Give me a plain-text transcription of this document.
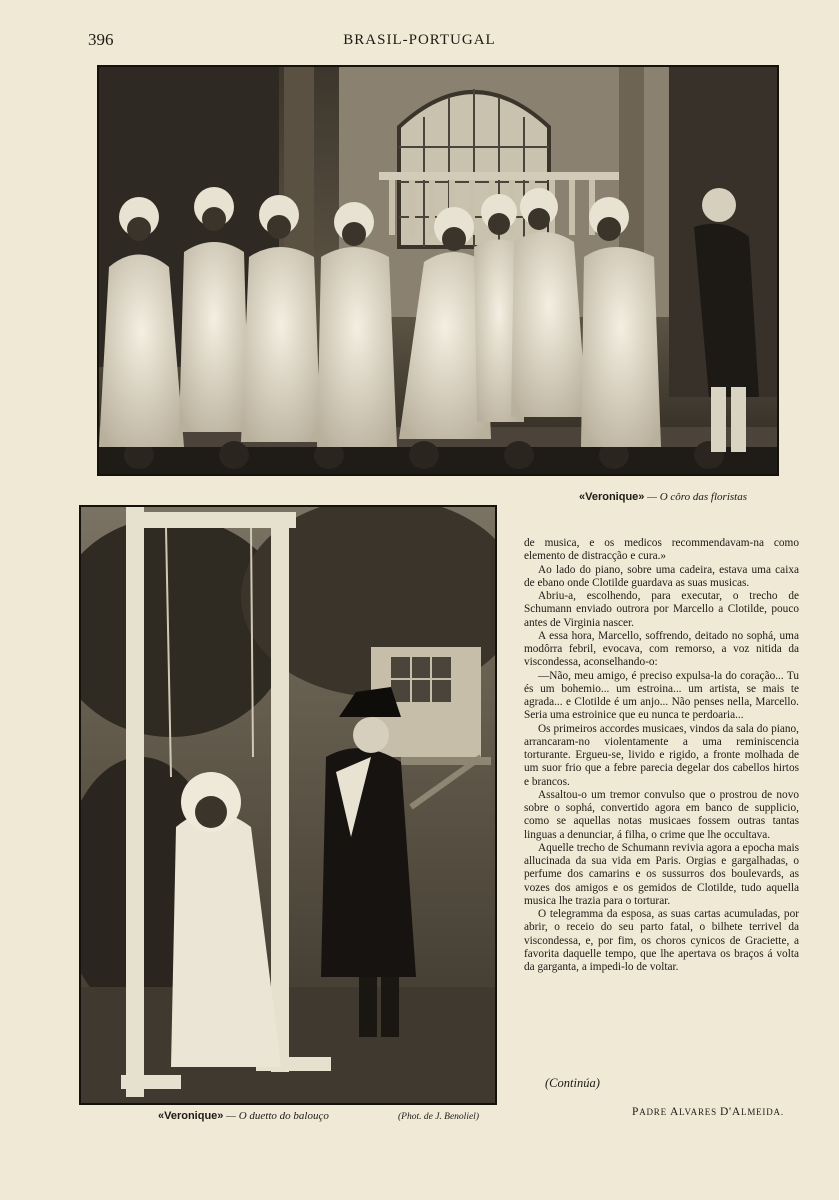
396	BRASIL-PORTUGAL
«Veronique» — O côro das floristas
«Veronique» — O duetto do balouço	(Phot. de J. Benoliel)

de musica, e os medicos recommendavam-na como elemento de distracção e cura.»

Ao lado do piano, sobre uma cadeira, estava uma caixa de ebano onde Clotilde guardava as suas musicas.

Abriu-a, escolhendo, para executar, o trecho de Schumann enviado outrora por Marcello a Clotilde, pouco antes de Virginia nascer.

A essa hora, Marcello, soffrendo, deitado no sophá, uma modôrra febril, evocava, com remorso, a voz nitida da viscondessa, aconselhando-o:

—Não, meu amigo, é preciso expulsa-la do coração... Tu és um bohemio... um estroina... um artista, se mais te agrada... e Clotilde é um anjo... Não penses nella, Marcello. Seria uma estroinice que eu nunca te perdoaria...

Os primeiros accordes musicaes, vindos da sala do piano, arrancaram-no violentamente a uma reminiscencia torturante. Ergueu-se, livido e rigido, a fronte molhada de um suor frio que a febre parecia degelar dos cabellos hirtos e brancos.

Assaltou-o um tremor convulso que o prostrou de novo sobre o sophá, convertido agora em banco de supplicio, como se aquellas notas musicaes fossem outras tantas linguas a denunciar, á filha, o crime que lhe occultava.

Aquelle trecho de Schumann revivia agora a epocha mais allucinada da sua vida em Paris. Orgias e gargalhadas, o perfume dos camarins e os sussurros dos boulevards, as vozes dos amigos e os gemidos de Clotilde, tudo aquella musica lhe trazia para o torturar.

O telegramma da esposa, as suas cartas acumuladas, por abrir, o receio do seu parto fatal, o bilhete terrivel da viscondessa, e, por fim, os choros cynicos de Graciette, a favorita daquelle tempo, que lhe apertava os braços á volta da garganta, a impedi-lo de voltar.

(Continúa)
PADRE ALVARES D'ALMEIDA.
